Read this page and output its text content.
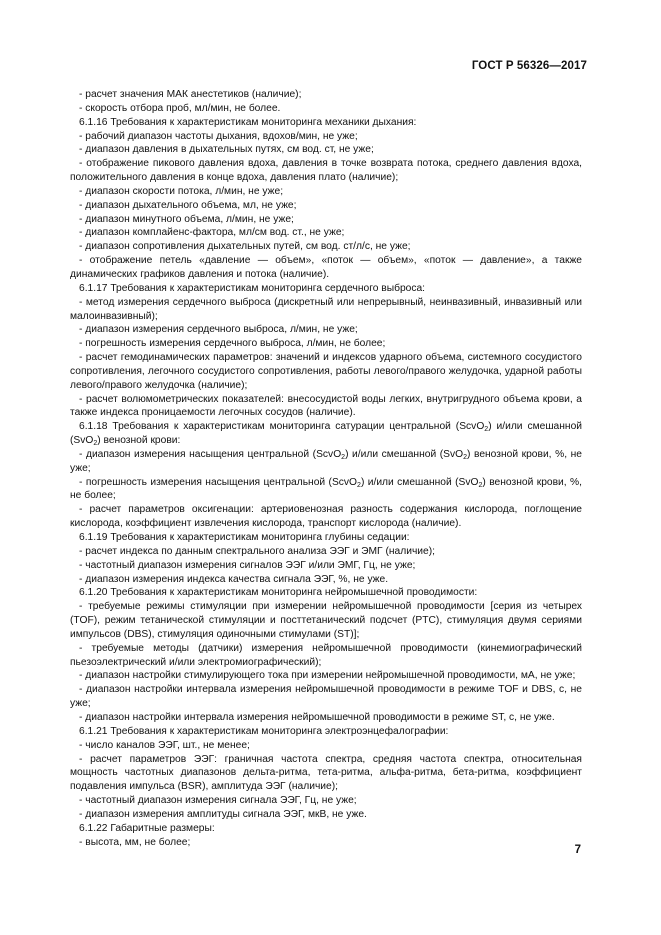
ГОСТ Р 56326—2017

- расчет значения МАК анестетиков (наличие);

- скорость отбора проб, мл/мин, не более.

6.1.16 Требования к характеристикам мониторинга механики дыхания:

- рабочий диапазон частоты дыхания, вдохов/мин, не уже;

- диапазон давления в дыхательных путях, см вод. ст, не уже;

- отображение пикового давления вдоха, давления в точке возврата потока, среднего давления вдоха, положительного давления в конце вдоха, давления плато (наличие);

- диапазон скорости потока, л/мин, не уже;

- диапазон дыхательного объема, мл, не уже;

- диапазон минутного объема, л/мин, не уже;

- диапазон комплайенс-фактора, мл/см вод. ст., не уже;

- диапазон сопротивления дыхательных путей, см вод. ст/л/с, не уже;

- отображение петель «давление — объем», «поток — объем», «поток — давление», а также динамических графиков давления и потока (наличие).

6.1.17 Требования к характеристикам мониторинга сердечного выброса:

- метод измерения сердечного выброса (дискретный или непрерывный, неинвазивный, инвазивный или малоинвазивный);

- диапазон измерения сердечного выброса, л/мин, не уже;

- погрешность измерения сердечного выброса, л/мин, не более;

- расчет гемодинамических параметров: значений и индексов ударного объема, системного сосудистого сопротивления, легочного сосудистого сопротивления, работы левого/правого желудочка, ударной работы левого/правого желудочка (наличие);

- расчет волюмометрических показателей: внесосудистой воды легких, внутригрудного объема крови, а также индекса проницаемости легочных сосудов (наличие).

6.1.18 Требования к характеристикам мониторинга сатурации центральной (ScvO$_2$) и/или смешанной (SvO$_2$) венозной крови:

- диапазон измерения насыщения центральной (ScvO$_2$) и/или смешанной (SvO$_2$) венозной крови, %, не уже;

- погрешность измерения насыщения центральной (ScvO$_2$) и/или смешанной (SvO$_2$) венозной крови, %, не более;

- расчет параметров оксигенации: артериовенозная разность содержания кислорода, поглощение кислорода, коэффициент извлечения кислорода, транспорт кислорода (наличие).

6.1.19 Требования к характеристикам мониторинга глубины седации:

- расчет индекса по данным спектрального анализа ЭЭГ и ЭМГ (наличие);

- частотный диапазон измерения сигналов ЭЭГ и/или ЭМГ, Гц, не уже;

- диапазон измерения индекса качества сигнала ЭЭГ, %, не уже.

6.1.20 Требования к характеристикам мониторинга нейромышечной проводимости:

- требуемые режимы стимуляции при измерении нейромышечной проводимости [серия из четырех (TOF), режим тетанической стимуляции и посттетанический подсчет (PTC), стимуляция двумя сериями импульсов (DBS), стимуляция одиночными стимулами (ST)];

- требуемые методы (датчики) измерения нейромышечной проводимости (кинемиографический пьезоэлектрический и/или электромиографический);

- диапазон настройки стимулирующего тока при измерении нейромышечной проводимости, мА, не уже;

- диапазон настройки интервала измерения нейромышечной проводимости в режиме TOF и DBS, с, не уже;

- диапазон настройки интервала измерения нейромышечной проводимости в режиме ST, с, не уже.

6.1.21 Требования к характеристикам мониторинга электроэнцефалографии:

- число каналов ЭЭГ, шт., не менее;

- расчет параметров ЭЭГ: граничная частота спектра, средняя частота спектра, относительная мощность частотных диапазонов дельта-ритма, тета-ритма, альфа-ритма, бета-ритма, коэффициент подавления импульса (BSR), амплитуда ЭЭГ (наличие);

- частотный диапазон измерения сигнала ЭЭГ, Гц, не уже;

- диапазон измерения амплитуды сигнала ЭЭГ, мкВ, не уже.

6.1.22 Габаритные размеры:

- высота, мм, не более;

7
